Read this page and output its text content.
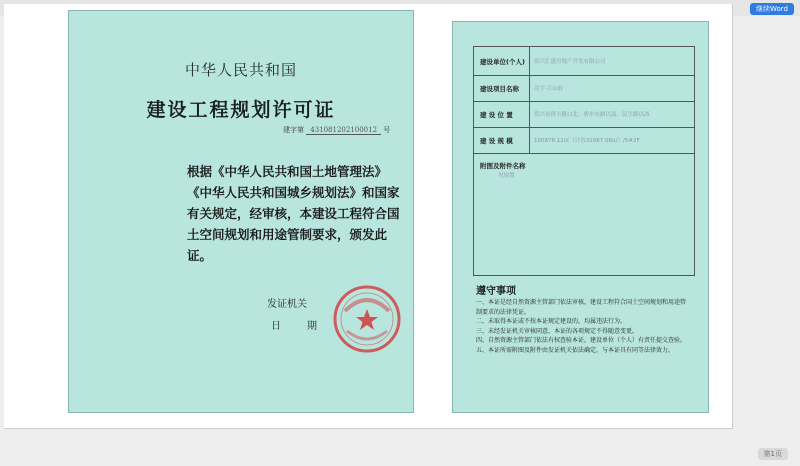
继续Word
中华人民共和国
建设工程规划许可证
建字第 431081202100012 号
根据《中华人民共和国土地管理法》《中华人民共和国城乡规划法》和国家有关规定，经审核，本建设工程符合国土空间规划和用途管制要求，颁发此证。
发证机关
日　期
建设单位(个人) 资兴汇盛房地产开发有限公司
建设项目名称	汉宇·江山府
建 设 位 置	资兴市资丰路口北、碧水东路以南、民生路以西
建 设 规 模	100878.11㎡（计容31987.06㎡）/5#2F
附图及附件名称
见规划
遵守事项
一、本证是经自然资源主管部门依法审核，建设工程符合国土空间规划和用途管制要求的法律凭证。
二、未取得本证或不按本证规定建设的，均属违法行为。
三、未经发证机关审核同意，本证的各项规定不得随意变更。
四、自然资源主管部门依法有权查验本证，建设单位（个人）有责任提交查验。
五、本证所需附图及附件由发证机关依法确定，与本证具有同等法律效力。
第1页
